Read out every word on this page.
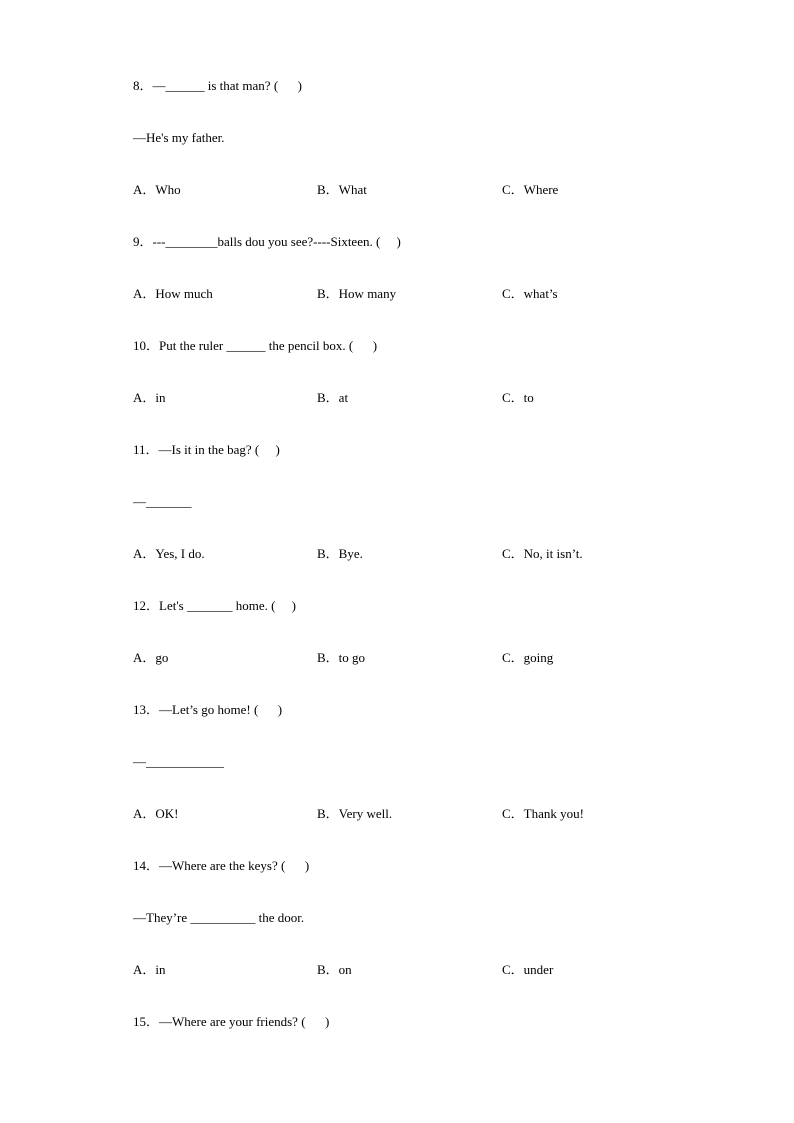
8．—______ is that man? (      )
—He's my father.
A．Who	B．What	C．Where
9．---________balls dou you see?----Sixteen. (     )
A．How much	B．How many	C．what’s
10．Put the ruler ______ the pencil box. (      )
A．in	B．at	C．to
11．—Is it in the bag? (     )
—_______
A．Yes, I do.	B．Bye.	C．No, it isn’t.
12．Let's _______ home. (     )
A．go	B．to go	C．going
13．—Let’s go home! (      )
—____________
A．OK!	B．Very well.	C．Thank you!
14．—Where are the keys? (      )
—They’re __________ the door.
A．in	B．on	C．under
15．—Where are your friends? (      )
